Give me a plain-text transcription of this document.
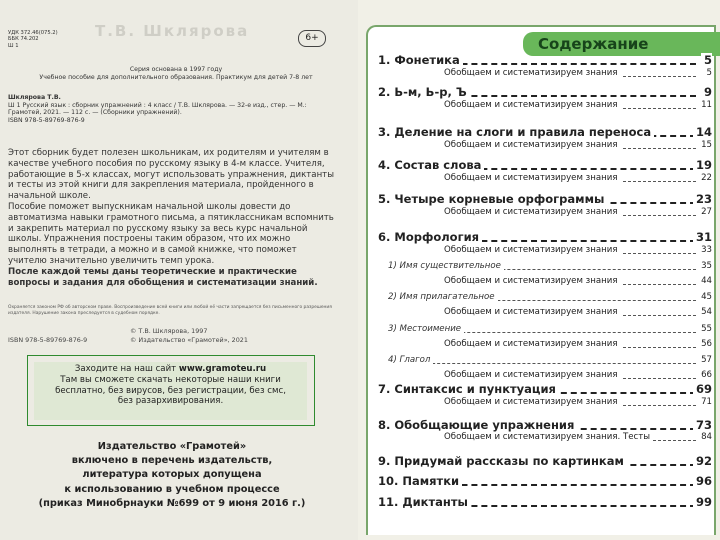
Т.В. Шклярова
УДК 372.46(075.2)
ББК 74.202
Ш 1
6+
Серия основана в 1997 году
Учебное пособие для дополнительного образования. Практикум для детей 7-8 лет
Шклярова Т.В.
Ш 1 Русский язык : сборник упражнений : 4 класс / Т.В. Шклярова. — 32-е изд., стер. — М.: Грамотей, 2021. — 112 с. — (Сборники упражнений).
ISBN 978-5-89769-876-9

Этот сборник будет полезен школьникам, их родителям и учителям в качестве учебного пособия по русскому языку в 4-м классе. Учителя, работающие в 5-х классах, могут использовать упражнения, диктанты и тесты из этой книги для закрепления материала, пройденного в начальной школе.

Пособие поможет выпускникам начальной школы довести до автоматизма навыки грамотного письма, а пятиклассникам вспомнить и закрепить материал по русскому языку за весь курс начальной школы. Упражнения построены таким образом, что их можно выполнять в тетради, а можно и в самой книжке, что поможет учителю значительно увеличить темп урока.

После каждой темы даны теоретические и практические вопросы и задания для обобщения и систематизации знаний.

Охраняется законом РФ об авторском праве. Воспроизведение всей книги или любой её части запрещается без письменного разрешения издателя. Нарушение закона преследуется в судебном порядке.
© Т.В. Шклярова, 1997
© Издательство «Грамотей», 2021
ISBN 978-5-89769-876-9
Заходите на наш сайт www.gramoteu.ru
Там вы сможете скачать некоторые наши книги
бесплатно, без вирусов, без регистрации, без смс,
без разархивирования.
Издательство «Грамотей»
включено в перечень издательств,
литература которых допущена
к использованию в учебном процессе
(приказ Минобрнауки №699 от 9 июня 2016 г.)
Содержание
1. Фонетика	5
Обобщаем и систематизируем знания	5
2. Ь-м, Ь-р, Ъ	9
Обобщаем и систематизируем знания	11
3. Деление на слоги и правила переноса	14
Обобщаем и систематизируем знания	15
4. Состав слова	19
Обобщаем и систематизируем знания	22
5. Четыре корневые орфограммы	23
Обобщаем и систематизируем знания	27
6. Морфология	31
Обобщаем и систематизируем знания	33
1) Имя существительное	35
Обобщаем и систематизируем знания	44
2) Имя прилагательное	45
Обобщаем и систематизируем знания	54
3) Местоимение	55
Обобщаем и систематизируем знания	56
4) Глагол	57
Обобщаем и систематизируем знания	66
7. Синтаксис и пунктуация	69
Обобщаем и систематизируем знания	71
8. Обобщающие упражнения	73
Обобщаем и систематизируем знания. Тесты	84
9. Придумай рассказы по картинкам	92
10. Памятки	96
11. Диктанты	99
Avito
